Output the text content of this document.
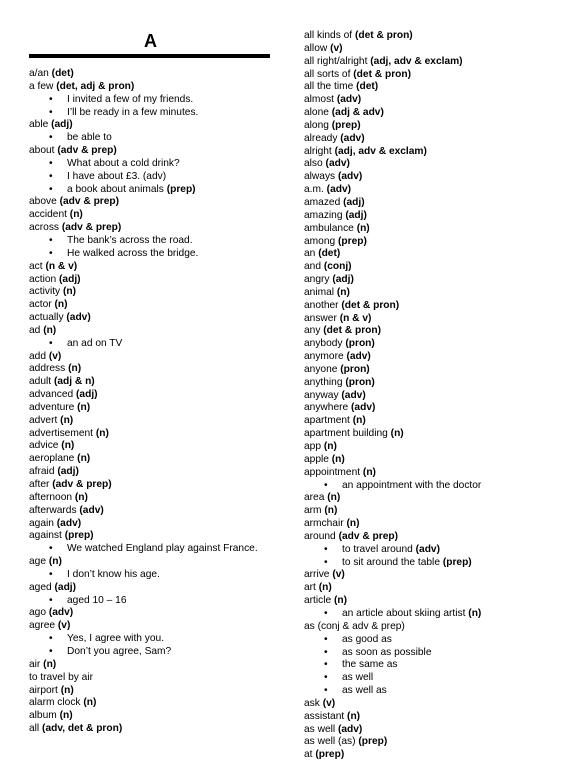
A
a/an (det)
a few (det, adj & pron)
• I invited a few of my friends.
• I’ll be ready in a few minutes.
able (adj)
• be able to
about (adv & prep)
• What about a cold drink?
• I have about £3. (adv)
• a book about animals (prep)
above (adv & prep)
accident (n)
across (adv & prep)
• The bank’s across the road.
• He walked across the bridge.
act (n & v)
action (adj)
activity (n)
actor (n)
actually (adv)
ad (n)
• an ad on TV
add (v)
address (n)
adult (adj & n)
advanced (adj)
adventure (n)
advert (n)
advertisement (n)
advice (n)
aeroplane (n)
afraid (adj)
after (adv & prep)
afternoon (n)
afterwards (adv)
again (adv)
against (prep)
• We watched England play against France.
age (n)
• I don’t know his age.
aged (adj)
• aged 10 – 16
ago (adv)
agree (v)
• Yes, I agree with you.
• Don’t you agree, Sam?
air (n)
to travel by air
airport (n)
alarm clock (n)
album (n)
all (adv, det & pron)
all kinds of (det & pron)
allow (v)
all right/alright (adj, adv & exclam)
all sorts of (det & pron)
all the time (det)
almost (adv)
alone (adj & adv)
along (prep)
already (adv)
alright (adj, adv & exclam)
also (adv)
always (adv)
a.m. (adv)
amazed (adj)
amazing (adj)
ambulance (n)
among (prep)
an (det)
and (conj)
angry (adj)
animal (n)
another (det & pron)
answer (n & v)
any (det & pron)
anybody (pron)
anymore (adv)
anyone (pron)
anything (pron)
anyway (adv)
anywhere (adv)
apartment (n)
apartment building (n)
app (n)
apple (n)
appointment (n)
• an appointment with the doctor
area (n)
arm (n)
armchair (n)
around (adv & prep)
• to travel around (adv)
• to sit around the table (prep)
arrive (v)
art (n)
article (n)
• an article about skiing artist (n)
as (conj & adv & prep)
• as good as
• as soon as possible
• the same as
• as well
• as well as
ask (v)
assistant (n)
as well (adv)
as well (as) (prep)
at (prep)
